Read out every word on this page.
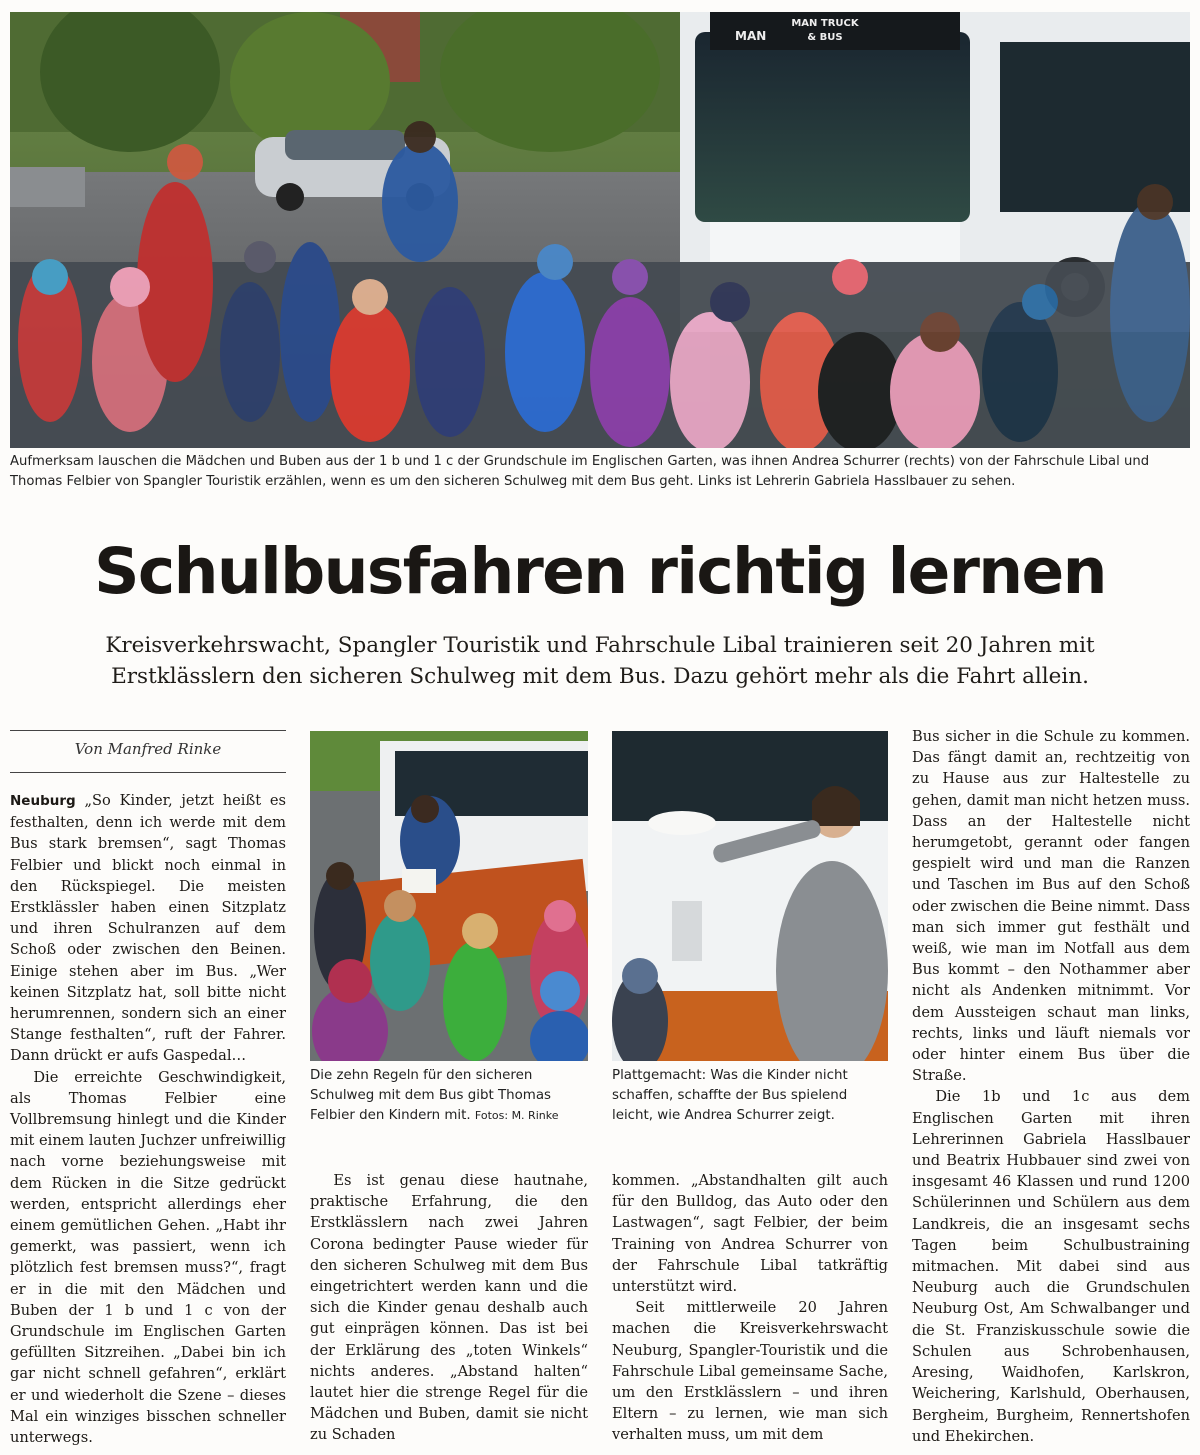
MAN TRUCK
& BUS
MAN
Aufmerksam lauschen die Mädchen und Buben aus der 1 b und 1 c der Grundschule im Englischen Garten, was ihnen Andrea Schurrer (rechts) von der Fahrschule Libal und Thomas Felbier von Spangler Touristik erzählen, wenn es um den sicheren Schulweg mit dem Bus geht. Links ist Lehrerin Gabriela Hasslbauer zu sehen.
Schulbusfahren richtig lernen
Kreisverkehrswacht, Spangler Touristik und Fahrschule Libal trainieren seit 20 Jahren mit Erstklässlern den sicheren Schulweg mit dem Bus. Dazu gehört mehr als die Fahrt allein.
Von Manfred Rinke

Neuburg „So Kinder, jetzt heißt es festhalten, denn ich werde mit dem Bus stark bremsen“, sagt Thomas Felbier und blickt noch einmal in den Rückspiegel. Die meisten Erstklässler haben einen Sitzplatz und ihren Schulranzen auf dem Schoß oder zwischen den Beinen. Einige stehen aber im Bus. „Wer keinen Sitzplatz hat, soll bitte nicht herumrennen, sondern sich an einer Stange festhalten“, ruft der Fahrer. Dann drückt er aufs Gaspedal…

Die erreichte Geschwindigkeit, als Thomas Felbier eine Vollbremsung hinlegt und die Kinder mit einem lauten Juchzer unfreiwillig nach vorne beziehungsweise mit dem Rücken in die Sitze gedrückt werden, entspricht allerdings eher einem gemütlichen Gehen. „Habt ihr gemerkt, was passiert, wenn ich plötzlich fest bremsen muss?“, fragt er in die mit den Mädchen und Buben der 1 b und 1 c von der Grundschule im Englischen Garten gefüllten Sitzreihen. „Dabei bin ich gar nicht schnell gefahren“, erklärt er und wiederholt die Szene – dieses Mal ein winziges bisschen schneller unterwegs.

Die zehn Regeln für den sicheren Schulweg mit dem Bus gibt Thomas Felbier den Kindern mit. Fotos: M. Rinke
Plattgemacht: Was die Kinder nicht schaffen, schaffte der Bus spielend leicht, wie Andrea Schurrer zeigt.

Es ist genau diese hautnahe, praktische Erfahrung, die den Erstklässlern nach zwei Jahren Corona bedingter Pause wieder für den sicheren Schulweg mit dem Bus eingetrichtert werden kann und die sich die Kinder genau deshalb auch gut einprägen können. Das ist bei der Erklärung des „toten Winkels“ nichts anderes. „Abstand halten“ lautet hier die strenge Regel für die Mädchen und Buben, damit sie nicht zu Schaden

kommen. „Abstandhalten gilt auch für den Bulldog, das Auto oder den Lastwagen“, sagt Felbier, der beim Training von Andrea Schurrer von der Fahrschule Libal tatkräftig unterstützt wird.

Seit mittlerweile 20 Jahren machen die Kreisverkehrswacht Neuburg, Spangler-Touristik und die Fahrschule Libal gemeinsame Sache, um den Erstklässlern – und ihren Eltern – zu lernen, wie man sich verhalten muss, um mit dem

Bus sicher in die Schule zu kommen. Das fängt damit an, rechtzeitig von zu Hause aus zur Haltestelle zu gehen, damit man nicht hetzen muss. Dass an der Haltestelle nicht herumgetobt, gerannt oder fangen gespielt wird und man die Ranzen und Taschen im Bus auf den Schoß oder zwischen die Beine nimmt. Dass man sich immer gut festhält und weiß, wie man im Notfall aus dem Bus kommt – den Nothammer aber nicht als Andenken mitnimmt. Vor dem Aussteigen schaut man links, rechts, links und läuft niemals vor oder hinter einem Bus über die Straße.

Die 1b und 1c aus dem Englischen Garten mit ihren Lehrerinnen Gabriela Hasslbauer und Beatrix Hubbauer sind zwei von insgesamt 46 Klassen und rund 1200 Schülerinnen und Schülern aus dem Landkreis, die an insgesamt sechs Tagen beim Schulbustraining mitmachen. Mit dabei sind aus Neuburg auch die Grundschulen Neuburg Ost, Am Schwalbanger und die St. Franziskusschule sowie die Schulen aus Schrobenhausen, Aresing, Waidhofen, Karlskron, Weichering, Karlshuld, Oberhausen, Bergheim, Burgheim, Rennertshofen und Ehekirchen.
